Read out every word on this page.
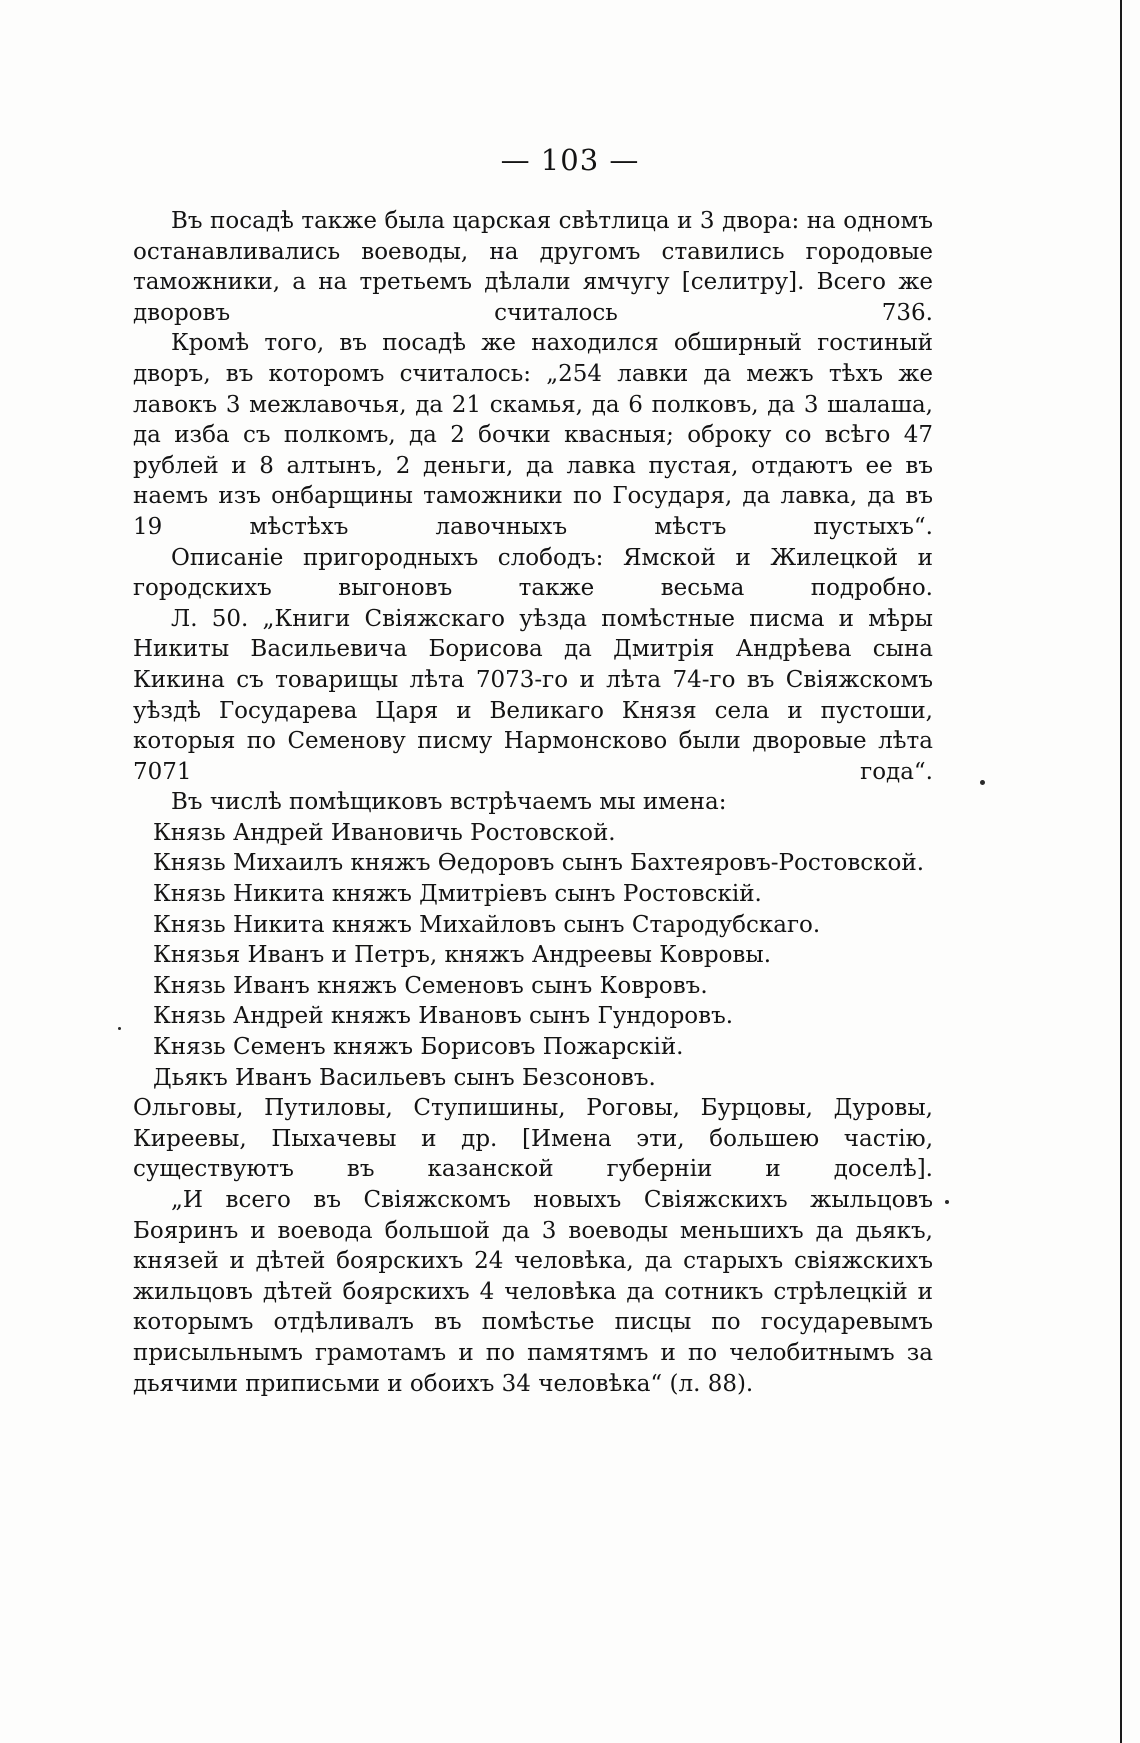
— 103 —

Въ посадѣ также была царская свѣтлица и 3 двора: на одномъ останавливались воеводы, на другомъ ставились городовые таможники, а на третьемъ дѣлали ямчугу [селитру]. Всего же дворовъ считалось 736.

Кромѣ того, въ посадѣ же находился обширный гостиный дворъ, въ которомъ считалось: „254 лавки да межъ тѣхъ же лавокъ 3 межлавочья, да 21 скамья, да 6 полковъ, да 3 шалаша, да изба съ полкомъ, да 2 бочки квасныя; оброку со всѣго 47 рублей и 8 алтынъ, 2 деньги, да лавка пустая, отдаютъ ее въ наемъ изъ онбарщины таможники по Государя, да лавка, да въ 19 мѣстѣхъ лавочныхъ мѣстъ пустыхъ“.

Описаніе пригородныхъ слободъ: Ямской и Жилецкой и городскихъ выгоновъ также весьма подробно.

Л. 50. „Книги Свіяжскаго уѣзда помѣстные писма и мѣры Никиты Васильевича Борисова да Дмитрія Андрѣева сына Кикина съ товарищы лѣта 7073-го и лѣта 74-го въ Свіяжскомъ уѣздѣ Государева Царя и Великаго Князя села и пустоши, которыя по Семенову писму Нармонсково были дворовые лѣта 7071 года“.

Въ числѣ помѣщиковъ встрѣчаемъ мы имена:

Князь Андрей Ивановичь Ростовской.

Князь Михаилъ княжъ Ѳедоровъ сынъ Бахтеяровъ-Ростовской.

Князь Никита княжъ Дмитріевъ сынъ Ростовскій.

Князь Никита княжъ Михайловъ сынъ Стародубскаго.

Князья Иванъ и Петръ, княжъ Андреевы Ковровы.

Князь Иванъ княжъ Семеновъ сынъ Ковровъ.

Князь Андрей княжъ Ивановъ сынъ Гундоровъ.

Князь Семенъ княжъ Борисовъ Пожарскій.

Дьякъ Иванъ Васильевъ сынъ Безсоновъ.

Ольговы, Путиловы, Ступишины, Роговы, Бурцовы, Дуровы, Киреевы, Пыхачевы и др. [Имена эти, большею частію, существуютъ въ казанской губерніи и доселѣ].

„И всего въ Свіяжскомъ новыхъ Свіяжскихъ жыльцовъ Бояринъ и воевода большой да 3 воеводы меньшихъ да дьякъ, князей и дѣтей боярскихъ 24 человѣка, да старыхъ свіяжскихъ жильцовъ дѣтей боярскихъ 4 человѣка да сотникъ стрѣлецкій и которымъ отдѣливалъ въ помѣстье писцы по государевымъ присыльнымъ грамотамъ и по памятямъ и по челобитнымъ за дьячими приписьми и обоихъ 34 человѣка“ (л. 88).
